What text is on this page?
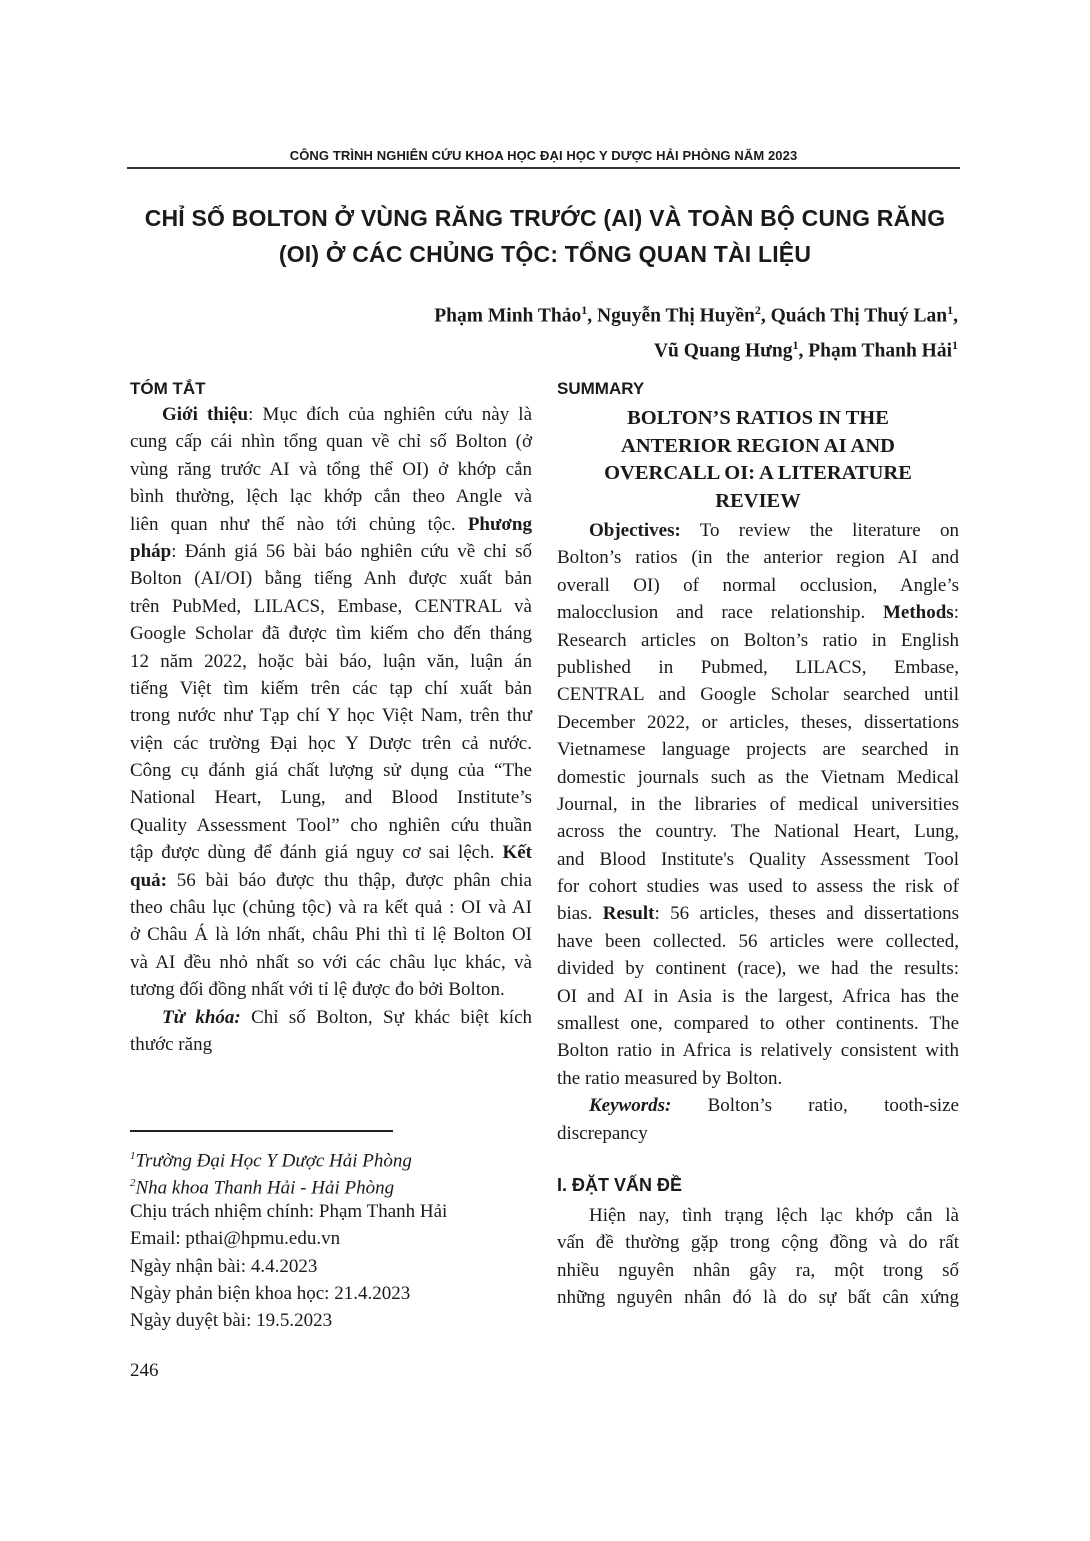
CÔNG TRÌNH NGHIÊN CỨU KHOA HỌC ĐẠI HỌC Y DƯỢC HẢI PHÒNG NĂM 2023
CHỈ SỐ BOLTON Ở VÙNG RĂNG TRƯỚC (AI) VÀ TOÀN BỘ CUNG RĂNG
(OI) Ở CÁC CHỦNG TỘC: TỔNG QUAN TÀI LIỆU
Phạm Minh Thảo$^1$, Nguyễn Thị Huyền$^2$, Quách Thị Thuý Lan$^1$,
Vũ Quang Hưng$^1$, Phạm Thanh Hải$^1$
TÓM TẮT
Giới thiệu: Mục đích của nghiên cứu này là
cung cấp cái nhìn tổng quan về chỉ số Bolton (ở
vùng răng trước AI và tổng thể OI) ở khớp cắn
bình thường, lệch lạc khớp cắn theo Angle và
liên quan như thế nào tới chủng tộc. Phương
pháp: Đánh giá 56 bài báo nghiên cứu về chỉ số
Bolton (AI/OI) bằng tiếng Anh được xuất bản
trên PubMed, LILACS, Embase, CENTRAL và
Google Scholar đã được tìm kiếm cho đến tháng
12 năm 2022, hoặc bài báo, luận văn, luận án
tiếng Việt tìm kiếm trên các tạp chí xuất bản
trong nước như Tạp chí Y học Việt Nam, trên thư
viện các trường Đại học Y Dược trên cả nước.
Công cụ đánh giá chất lượng sử dụng của “The
National Heart, Lung, and Blood Institute’s
Quality Assessment Tool” cho nghiên cứu thuần
tập được dùng để đánh giá nguy cơ sai lệch. Kết
quả: 56 bài báo được thu thập, được phân chia
theo châu lục (chủng tộc) và ra kết quả : OI và AI
ở Châu Á là lớn nhất, châu Phi thì tỉ lệ Bolton OI
và AI đều nhỏ nhất so với các châu lục khác, và
tương đối đồng nhất với tỉ lệ được đo bởi Bolton.
Từ khóa: Chỉ số Bolton, Sự khác biệt kích
thước răng
SUMMARY
BOLTON’S RATIOS IN THE
ANTERIOR REGION AI AND
OVERCALL OI: A LITERATURE
REVIEW
Objectives: To review the literature on
Bolton’s ratios (in the anterior region AI and
overall OI) of normal occlusion, Angle’s
malocclusion and race relationship. Methods:
Research articles on Bolton’s ratio in English
published in Pubmed, LILACS, Embase,
CENTRAL and Google Scholar searched until
December 2022, or articles, theses, dissertations
Vietnamese language projects are searched in
domestic journals such as the Vietnam Medical
Journal, in the libraries of medical universities
across the country. The National Heart, Lung,
and Blood Institute's Quality Assessment Tool
for cohort studies was used to assess the risk of
bias. Result: 56 articles, theses and dissertations
have been collected. 56 articles were collected,
divided by continent (race), we had the results:
OI and AI in Asia is the largest, Africa has the
smallest one, compared to other continents. The
Bolton ratio in Africa is relatively consistent with
the ratio measured by Bolton.
Keywords: Bolton’s ratio, tooth-size
discrepancy
I. ĐẶT VẤN ĐỀ
Hiện nay, tình trạng lệch lạc khớp cắn là
vấn đề thường gặp trong cộng đồng và do rất
nhiều nguyên nhân gây ra, một trong số
những nguyên nhân đó là do sự bất cân xứng
$^1$Trường Đại Học Y Dược Hải Phòng
$^2$Nha khoa Thanh Hải - Hải Phòng
Chịu trách nhiệm chính: Phạm Thanh Hải
Email: pthai@hpmu.edu.vn
Ngày nhận bài: 4.4.2023
Ngày phản biện khoa học: 21.4.2023
Ngày duyệt bài: 19.5.2023
246
